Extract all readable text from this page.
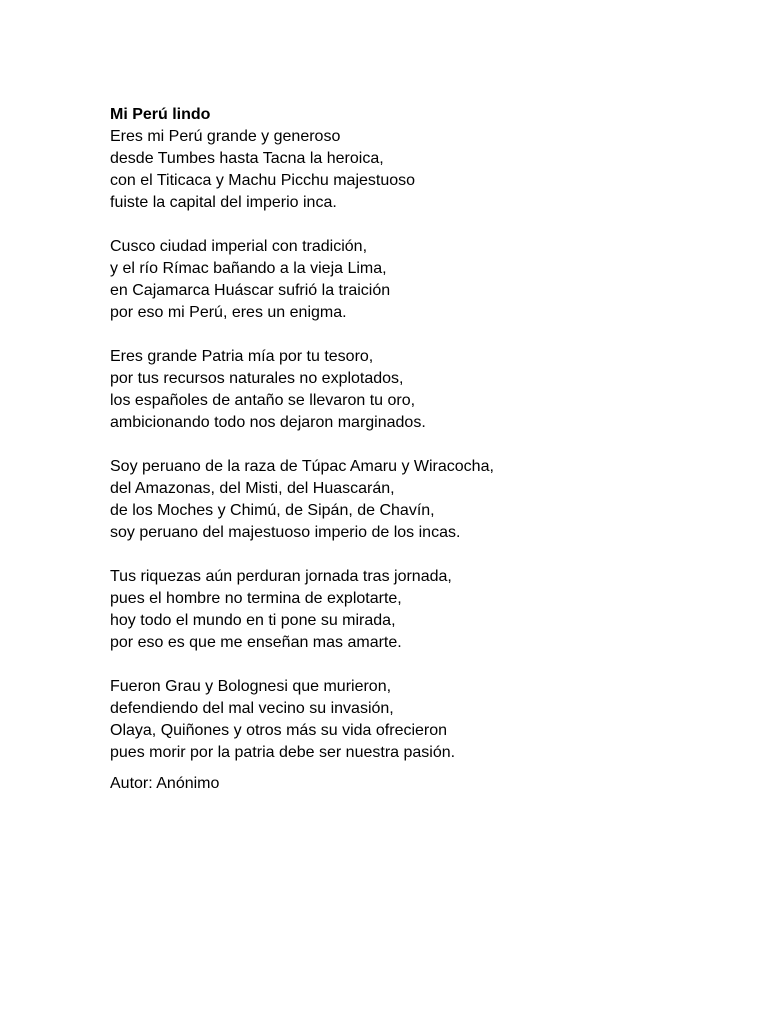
Mi Perú lindo
Eres mi Perú grande y generoso
desde Tumbes hasta Tacna la heroica,
con el Titicaca y Machu Picchu majestuoso
fuiste la capital del imperio inca.
Cusco ciudad imperial con tradición,
y el río Rímac bañando a la vieja Lima,
en Cajamarca Huáscar sufrió la traición
por eso mi Perú, eres un enigma.
Eres grande Patria mía por tu tesoro,
por tus recursos naturales no explotados,
los españoles de antaño se llevaron tu oro,
ambicionando todo nos dejaron marginados.
Soy peruano de la raza de Túpac Amaru y Wiracocha,
del Amazonas, del Misti, del Huascarán,
de los Moches y Chimú, de Sipán, de Chavín,
soy peruano del majestuoso imperio de los incas.
Tus riquezas aún perduran jornada tras jornada,
pues el hombre no termina de explotarte,
hoy todo el mundo en ti pone su mirada,
por eso es que me enseñan mas amarte.
Fueron Grau y Bolognesi que murieron,
defendiendo del mal vecino su invasión,
Olaya, Quiñones y otros más su vida ofrecieron
pues morir por la patria debe ser nuestra pasión.
Autor: Anónimo
